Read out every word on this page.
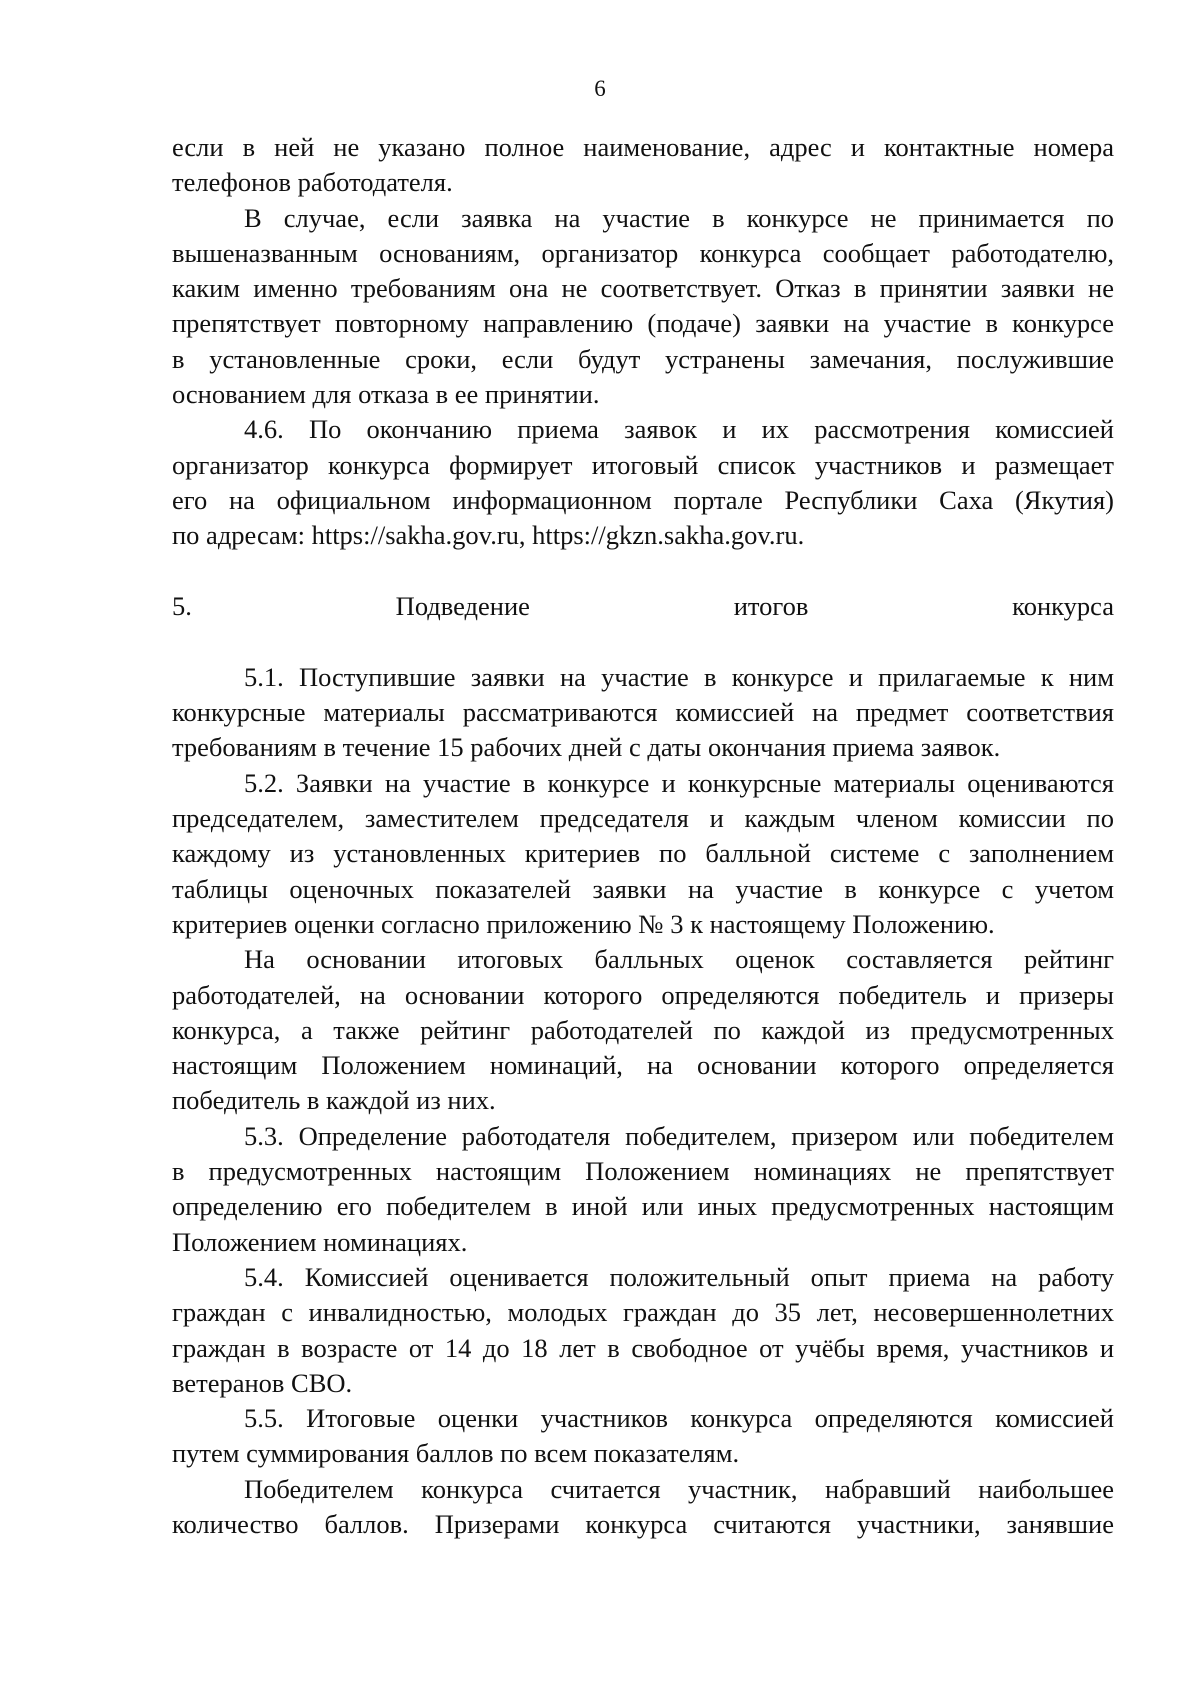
6

если в ней не указано полное наименование, адрес и контактные номера

телефонов работодателя.

В случае, если заявка на участие в конкурсе не принимается по

вышеназванным основаниям, организатор конкурса сообщает работодателю,

каким именно требованиям она не соответствует. Отказ в принятии заявки не

препятствует повторному направлению (подаче) заявки на участие в конкурсе

в установленные сроки, если будут устранены замечания, послужившие

основанием для отказа в ее принятии.

4.6. По окончанию приема заявок и их рассмотрения комиссией

организатор конкурса формирует итоговый список участников и размещает

его на официальном информационном портале Республики Саха (Якутия)

по адресам: https://sakha.gov.ru, https://gkzn.sakha.gov.ru.

5. Подведение итогов конкурса

5.1. Поступившие заявки на участие в конкурсе и прилагаемые к ним

конкурсные материалы рассматриваются комиссией на предмет соответствия

требованиям в течение 15 рабочих дней с даты окончания приема заявок.

5.2. Заявки на участие в конкурсе и конкурсные материалы оцениваются

председателем, заместителем председателя и каждым членом комиссии по

каждому из установленных критериев по балльной системе с заполнением

таблицы оценочных показателей заявки на участие в конкурсе с учетом

критериев оценки согласно приложению № 3 к настоящему Положению.

На основании итоговых балльных оценок составляется рейтинг

работодателей, на основании которого определяются победитель и призеры

конкурса, а также рейтинг работодателей по каждой из предусмотренных

настоящим Положением номинаций, на основании которого определяется

победитель в каждой из них.

5.3. Определение работодателя победителем, призером или победителем

в предусмотренных настоящим Положением номинациях не препятствует

определению его победителем в иной или иных предусмотренных настоящим

Положением номинациях.

5.4. Комиссией оценивается положительный опыт приема на работу

граждан с инвалидностью, молодых граждан до 35 лет, несовершеннолетних

граждан в возрасте от 14 до 18 лет в свободное от учёбы время, участников и

ветеранов СВО.

5.5. Итоговые оценки участников конкурса определяются комиссией

путем суммирования баллов по всем показателям.

Победителем конкурса считается участник, набравший наибольшее

количество баллов. Призерами конкурса считаются участники, занявшие
